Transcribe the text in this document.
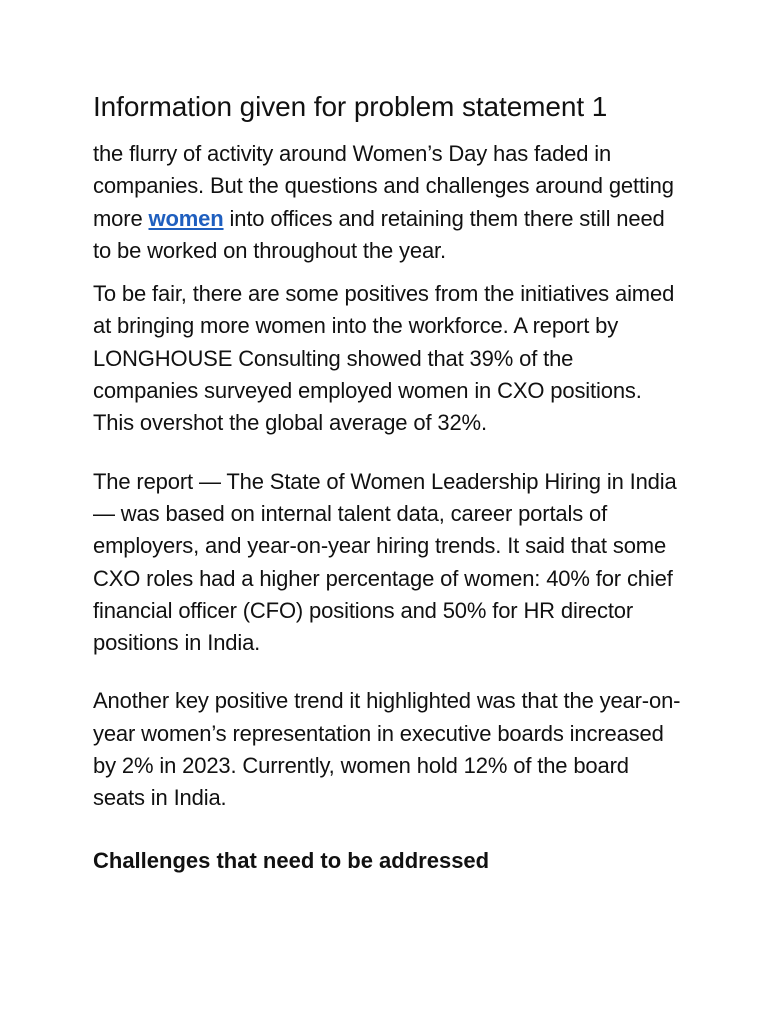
Information given for problem statement 1

the flurry of activity around Women’s Day has faded in companies. But the questions and challenges around getting more women into offices and retaining them there still need to be worked on throughout the year.

To be fair, there are some positives from the initiatives aimed at bringing more women into the workforce. A report by LONGHOUSE Consulting showed that 39% of the companies surveyed employed women in CXO positions. This overshot the global average of 32%.

The report — The State of Women Leadership Hiring in India — was based on internal talent data, career portals of employers, and year-on-year hiring trends. It said that some CXO roles had a higher percentage of women: 40% for chief financial officer (CFO) positions and 50% for HR director positions in India.

Another key positive trend it highlighted was that the year-on-year women’s representation in executive boards increased by 2% in 2023. Currently, women hold 12% of the board seats in India.

Challenges that need to be addressed
